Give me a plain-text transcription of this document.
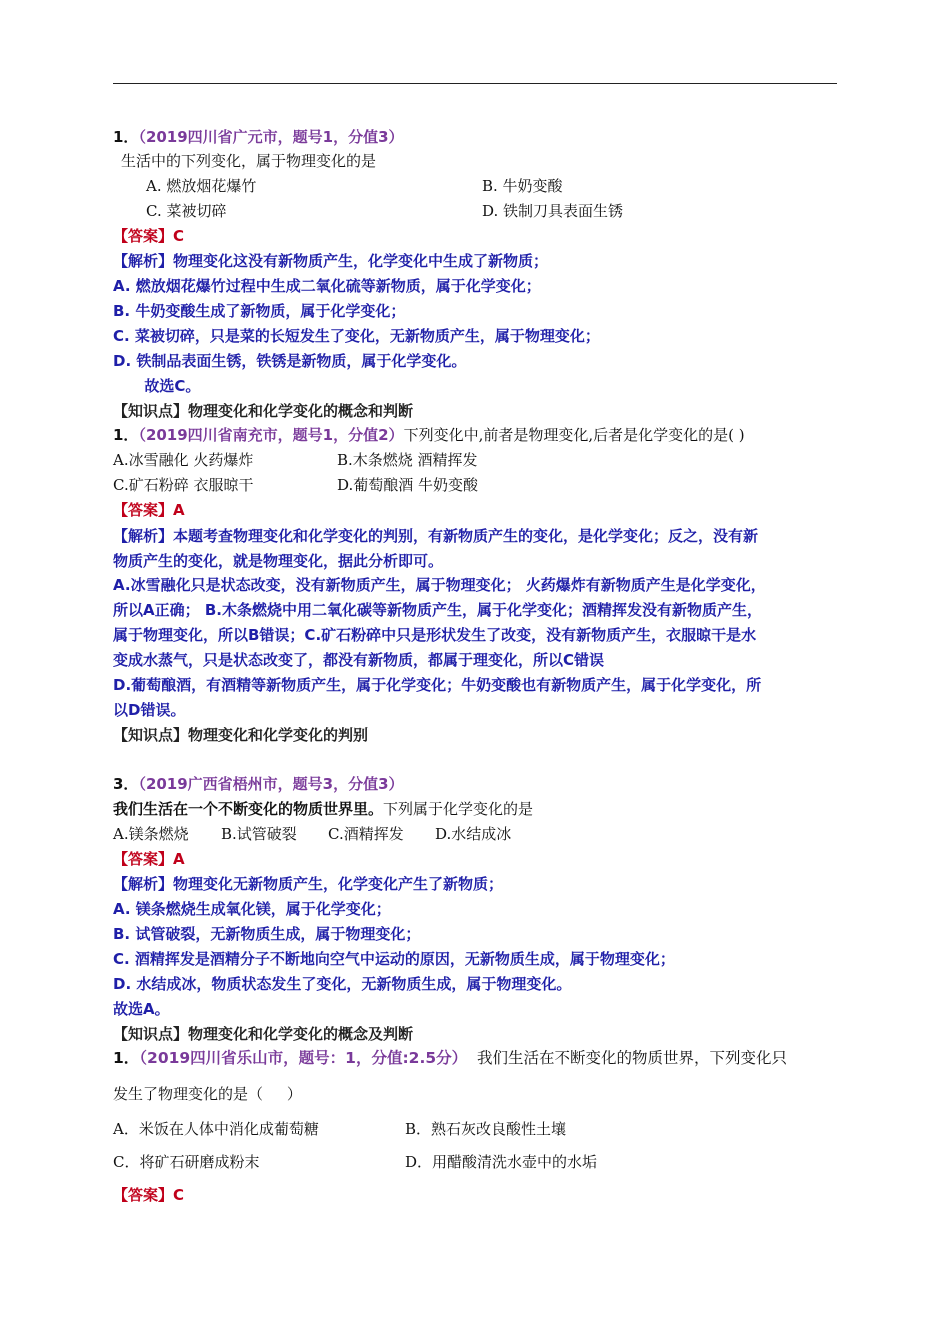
1．（2019四川省广元市，题号1，分值3）
生活中的下列变化，属于物理变化的是
A. 燃放烟花爆竹	B. 牛奶变酸
C. 菜被切碎	D. 铁制刀具表面生锈
【答案】C
【解析】物理变化这没有新物质产生，化学变化中生成了新物质；
A. 燃放烟花爆竹过程中生成二氧化硫等新物质，属于化学变化；
B. 牛奶变酸生成了新物质，属于化学变化；
C. 菜被切碎，只是菜的长短发生了变化，无新物质产生，属于物理变化；
D. 铁制品表面生锈，铁锈是新物质，属于化学变化。
故选C。
【知识点】物理变化和化学变化的概念和判断
1．（2019四川省南充市，题号1，分值2）下列变化中,前者是物理变化,后者是化学变化的是( )
A.冰雪融化 火药爆炸	B.木条燃烧 酒精挥发
C.矿石粉碎 衣服晾干	D.葡萄酿酒 牛奶变酸
【答案】A
【解析】本题考查物理变化和化学变化的判别，有新物质产生的变化，是化学变化；反之，没有新
物质产生的变化，就是物理变化，据此分析即可。
A.冰雪融化只是状态改变，没有新物质产生，属于物理变化； 火药爆炸有新物质产生是化学变化，
所以A正确； B.木条燃烧中用二氧化碳等新物质产生，属于化学变化；酒精挥发没有新物质产生，
属于物理变化，所以B错误；C.矿石粉碎中只是形状发生了改变，没有新物质产生，衣服晾干是水
变成水蒸气，只是状态改变了，都没有新物质，都属于理变化，所以C错误
D.葡萄酿酒，有酒精等新物质产生，属于化学变化；牛奶变酸也有新物质产生，属于化学变化，所
以D错误。
【知识点】物理变化和化学变化的判别
3．（2019广西省梧州市，题号3，分值3）
我们生活在一个不断变化的物质世界里。下列属于化学变化的是
A.镁条燃烧 B.试管破裂 C.酒精挥发 D.水结成冰
【答案】A
【解析】物理变化无新物质产生，化学变化产生了新物质；
A. 镁条燃烧生成氧化镁，属于化学变化；
B. 试管破裂，无新物质生成，属于物理变化；
C. 酒精挥发是酒精分子不断地向空气中运动的原因，无新物质生成，属于物理变化；
D. 水结成冰，物质状态发生了变化，无新物质生成，属于物理变化。
故选A。
【知识点】物理变化和化学变化的概念及判断
1．（2019四川省乐山市，题号：1，分值:2.5分）  我们生活在不断变化的物质世界，下列变化只
发生了物理变化的是（     ）
A．米饭在人体中消化成葡萄糖	B．熟石灰改良酸性土壤
C．将矿石研磨成粉末	D．用醋酸清洗水壶中的水垢
【答案】C
